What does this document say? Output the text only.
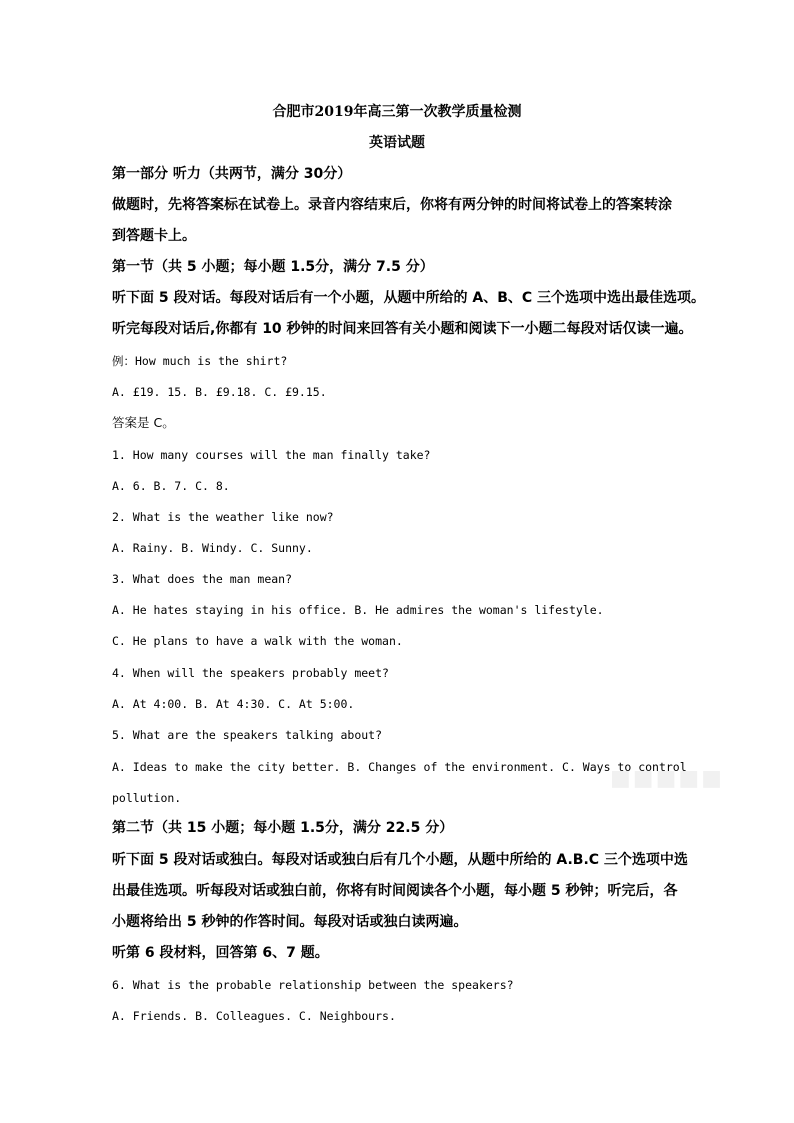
合肥市2019年高三第一次教学质量检测
英语试题
第一部分 听力（共两节，满分 30分）
做题时，先将答案标在试卷上。录音内容结束后，你将有两分钟的时间将试卷上的答案转涂
到答题卡上。
第一节（共 5 小题；每小题 1.5分，满分 7.5 分）
听下面 5 段对话。每段对话后有一个小题，从题中所给的 A、B、C 三个选项中选出最佳选项。
听完每段对话后,你都有 10 秒钟的时间来回答有关小题和阅读下一小题二每段对话仅读一遍。
例：How much is the shirt?
A. £19. 15. B. £9.18. C. £9.15.
答案是 C。
1. How many courses will the man finally take?
A. 6. B. 7. C. 8.
2. What is the weather like now?
A. Rainy. B. Windy. C. Sunny.
3. What does the man mean?
A. He hates staying in his office. B. He admires the woman's lifestyle.
C. He plans to have a walk with the woman.
4. When will the speakers probably meet?
A. At 4:00. B. At 4:30. C. At 5:00.
5. What are the speakers talking about?
A. Ideas to make the city better. B. Changes of the environment. C. Ways to control
pollution.
第二节（共 15 小题；每小题 1.5分，满分 22.5 分）
听下面 5 段对话或独白。每段对话或独白后有几个小题，从题中所给的 A.B.C 三个选项中选
出最佳选项。听每段对话或独白前，你将有时间阅读各个小题，每小题 5 秒钟；听完后，各
小题将给出 5 秒钟的作答时间。每段对话或独白读两遍。
听第 6 段材料，回答第 6、7 题。
6. What is the probable relationship between the speakers?
A. Friends. B. Colleagues. C. Neighbours.
■■■■■
